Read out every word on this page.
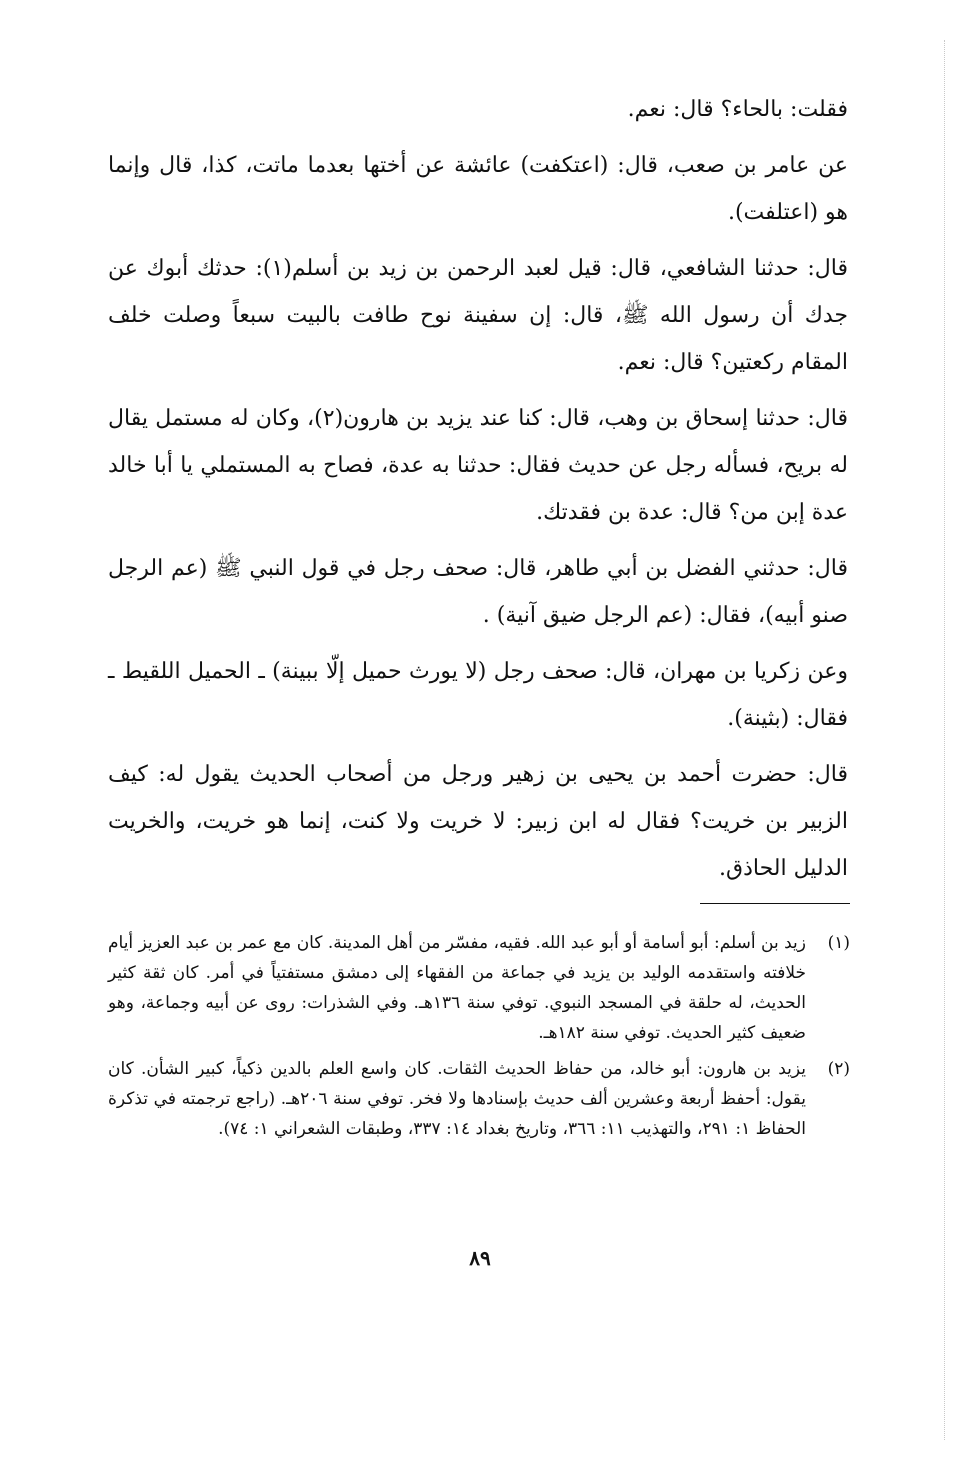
فقلت: بالحاء؟ قال: نعم.

عن عامر بن صعب، قال: (اعتكفت) عائشة عن أختها بعدما ماتت، كذا، قال وإنما هو (اعتلفت).

قال: حدثنا الشافعي، قال: قيل لعبد الرحمن بن زيد بن أسلم(١): حدثك أبوك عن جدك أن رسول الله ﷺ، قال: إن سفينة نوح طافت بالبيت سبعاً وصلت خلف المقام ركعتين؟ قال: نعم.

قال: حدثنا إسحاق بن وهب، قال: كنا عند يزيد بن هارون(٢)، وكان له مستمل يقال له بريح، فسأله رجل عن حديث فقال: حدثنا به عدة، فصاح به المستملي يا أبا خالد عدة إبن من؟ قال: عدة بن فقدتك.

قال: حدثني الفضل بن أبي طاهر، قال: صحف رجل في قول النبي ﷺ (عم الرجل صنو أبيه)، فقال: (عم الرجل ضيق آنية) .

وعن زكريا بن مهران، قال: صحف رجل (لا يورث حميل إلّا ببينة) ـ الحميل اللقيط ـ فقال: (بثينة).

قال: حضرت أحمد بن يحيى بن زهير ورجل من أصحاب الحديث يقول له: كيف الزبير بن خريت؟ فقال له ابن زبير: لا خريت ولا كنت، إنما هو خريت، والخريت الدليل الحاذق.

(١)
زيد بن أسلم: أبو أسامة أو أبو عبد الله. فقيه، مفسّر من أهل المدينة. كان مع عمر بن عبد العزيز أيام خلافته واستقدمه الوليد بن يزيد في جماعة من الفقهاء إلى دمشق مستفتياً في أمر. كان ثقة كثير الحديث، له حلقة في المسجد النبوي. توفي سنة ١٣٦هـ. وفي الشذرات: روى عن أبيه وجماعة، وهو ضعيف كثير الحديث. توفي سنة ١٨٢هـ.
(٢)
يزيد بن هارون: أبو خالد، من حفاظ الحديث الثقات. كان واسع العلم بالدين ذكياً، كبير الشأن. كان يقول: أحفظ أربعة وعشرين ألف حديث بإسنادها ولا فخر. توفي سنة ٢٠٦هـ. (راجع ترجمته في تذكرة الحفاظ ١: ٢٩١، والتهذيب ١١: ٣٦٦، وتاريخ بغداد ١٤: ٣٣٧، وطبقات الشعراني ١: ٧٤).
٨٩
